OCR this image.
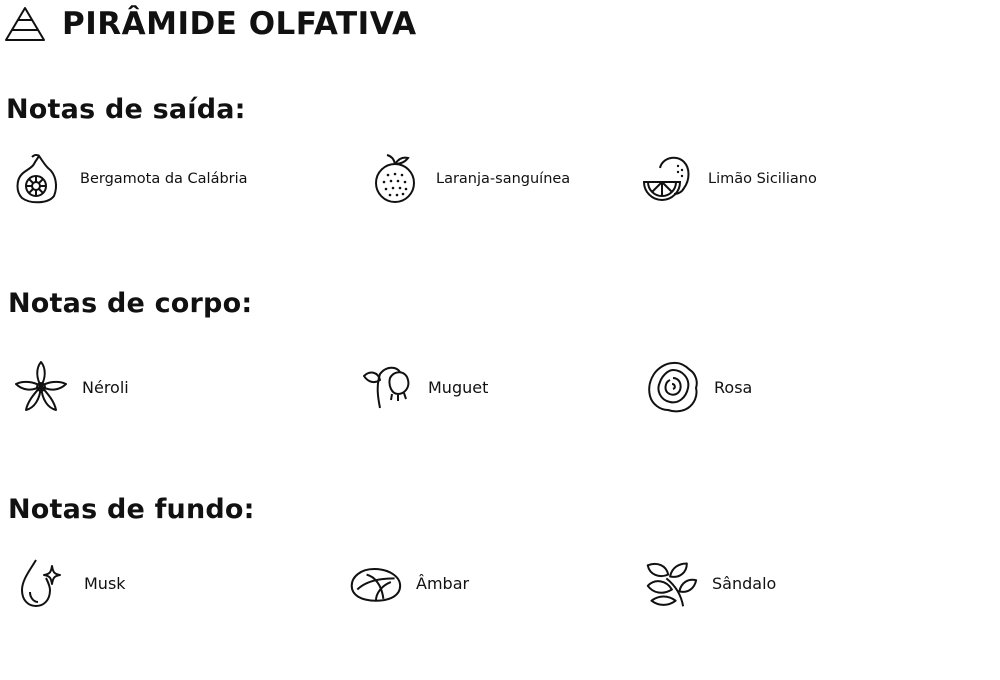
PIRÂMIDE OLFATIVA
Notas de saída:
Bergamota da Calábria	Laranja-sanguínea	Limão Siciliano
Notas de corpo:
Néroli	Muguet	Rosa
Notas de fundo:
Musk	Âmbar	Sândalo
